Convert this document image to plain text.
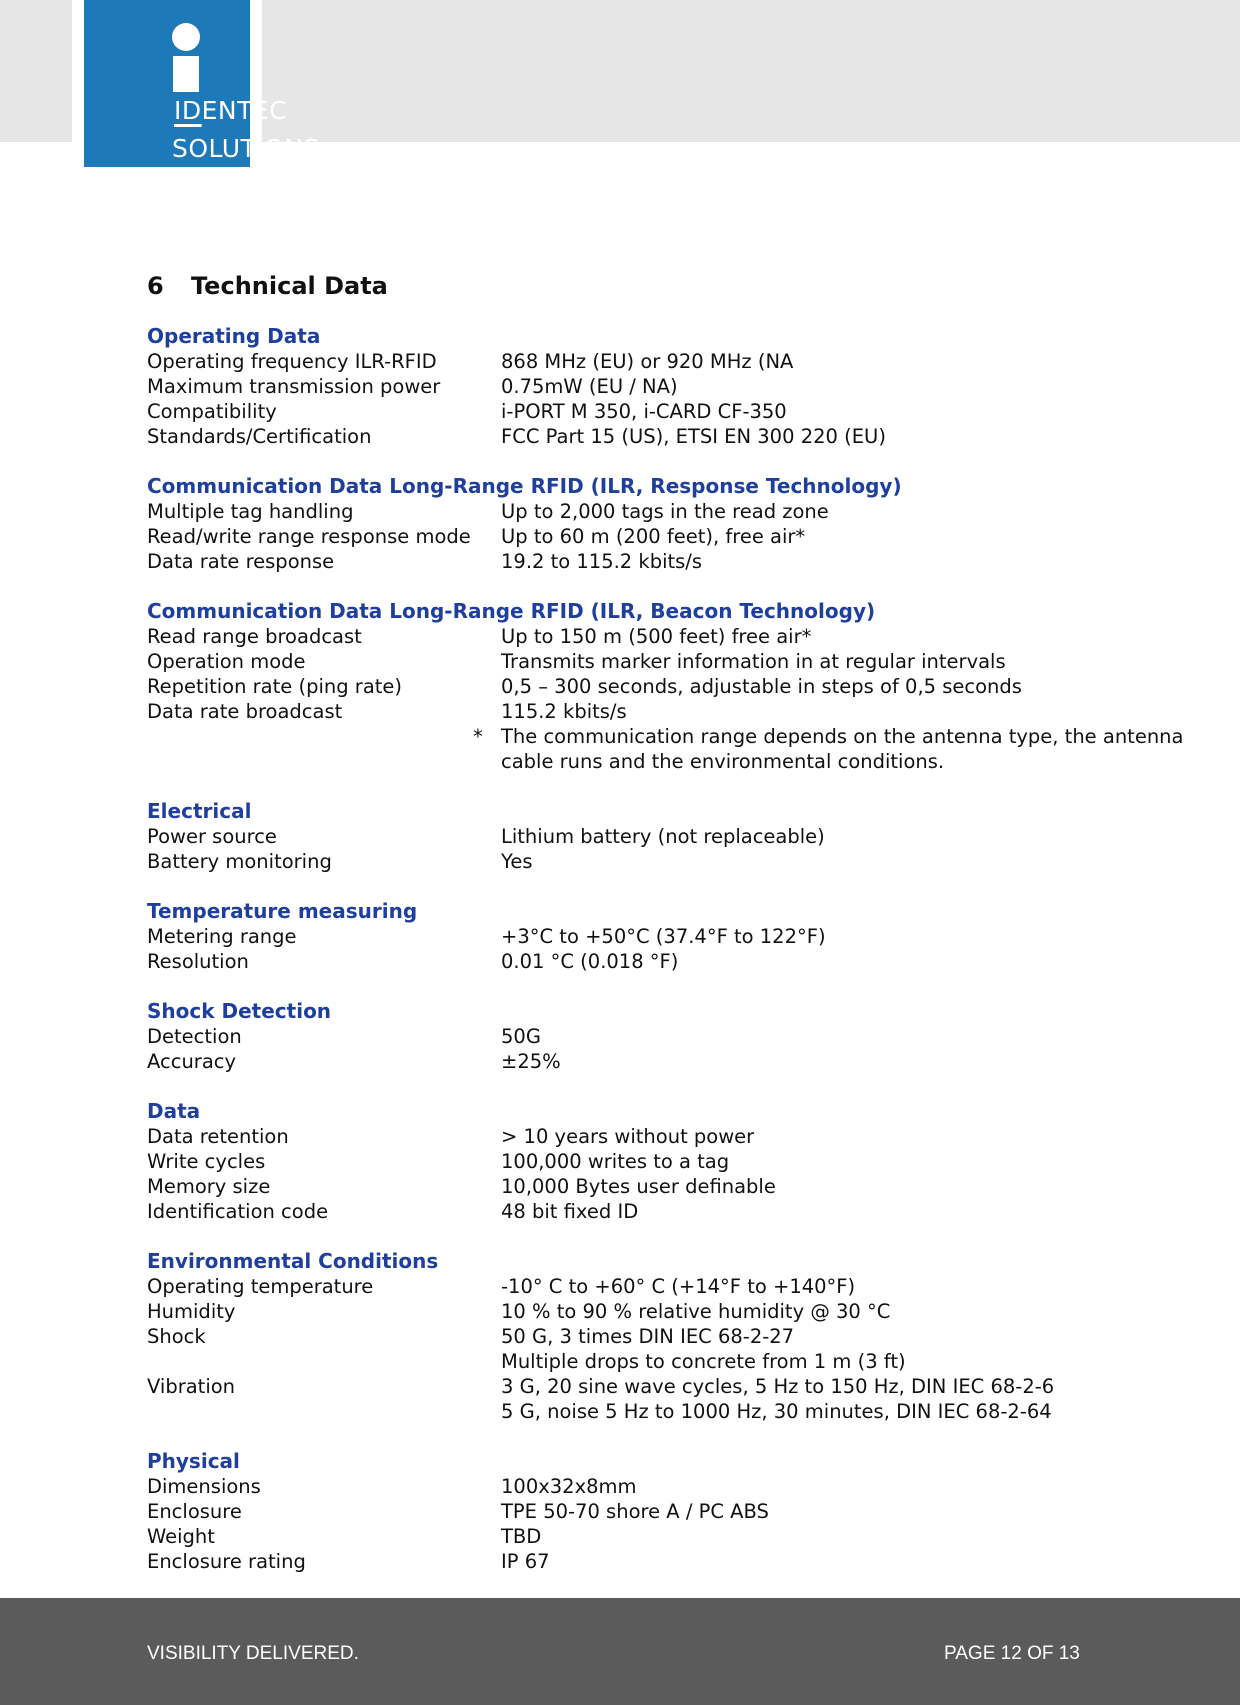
IDENTEC
SOLUTIONS
6 Technical Data
Operating Data
Operating frequency ILR-RFID	868 MHz (EU) or 920 MHz (NA
Maximum transmission power	0.75mW (EU / NA)
Compatibility	i-PORT M 350, i-CARD CF-350
Standards/Certification	FCC Part 15 (US), ETSI EN 300 220 (EU)
Communication Data Long-Range RFID (ILR, Response Technology)
Multiple tag handling	Up to 2,000 tags in the read zone
Read/write range response mode Up to 60 m (200 feet), free air*
Data rate response	19.2 to 115.2 kbits/s
Communication Data Long-Range RFID (ILR, Beacon Technology)
Read range broadcast	Up to 150 m (500 feet) free air*
Operation mode	Transmits marker information in at regular intervals
Repetition rate (ping rate)	0,5 – 300 seconds, adjustable in steps of 0,5 seconds
Data rate broadcast	115.2 kbits/s
* The communication range depends on the antenna type, the antenna
cable runs and the environmental conditions.
Electrical
Power source	Lithium battery (not replaceable)
Battery monitoring	Yes
Temperature measuring
Metering range	+3°C to +50°C (37.4°F to 122°F)
Resolution	0.01 °C (0.018 °F)
Shock Detection
Detection	50G
Accuracy	±25%
Data
Data retention	> 10 years without power
Write cycles	100,000 writes to a tag
Memory size	10,000 Bytes user definable
Identification code	48 bit fixed ID
Environmental Conditions
Operating temperature	-10° C to +60° C (+14°F to +140°F)
Humidity	10 % to 90 % relative humidity @ 30 °C
Shock	50 G, 3 times DIN IEC 68-2-27
Multiple drops to concrete from 1 m (3 ft)
Vibration	3 G, 20 sine wave cycles, 5 Hz to 150 Hz, DIN IEC 68-2-6
5 G, noise 5 Hz to 1000 Hz, 30 minutes, DIN IEC 68-2-64
Physical
Dimensions	100x32x8mm
Enclosure	TPE 50-70 shore A / PC ABS
Weight	TBD
Enclosure rating	IP 67
VISIBILITY DELIVERED.	PAGE 12 OF 13
